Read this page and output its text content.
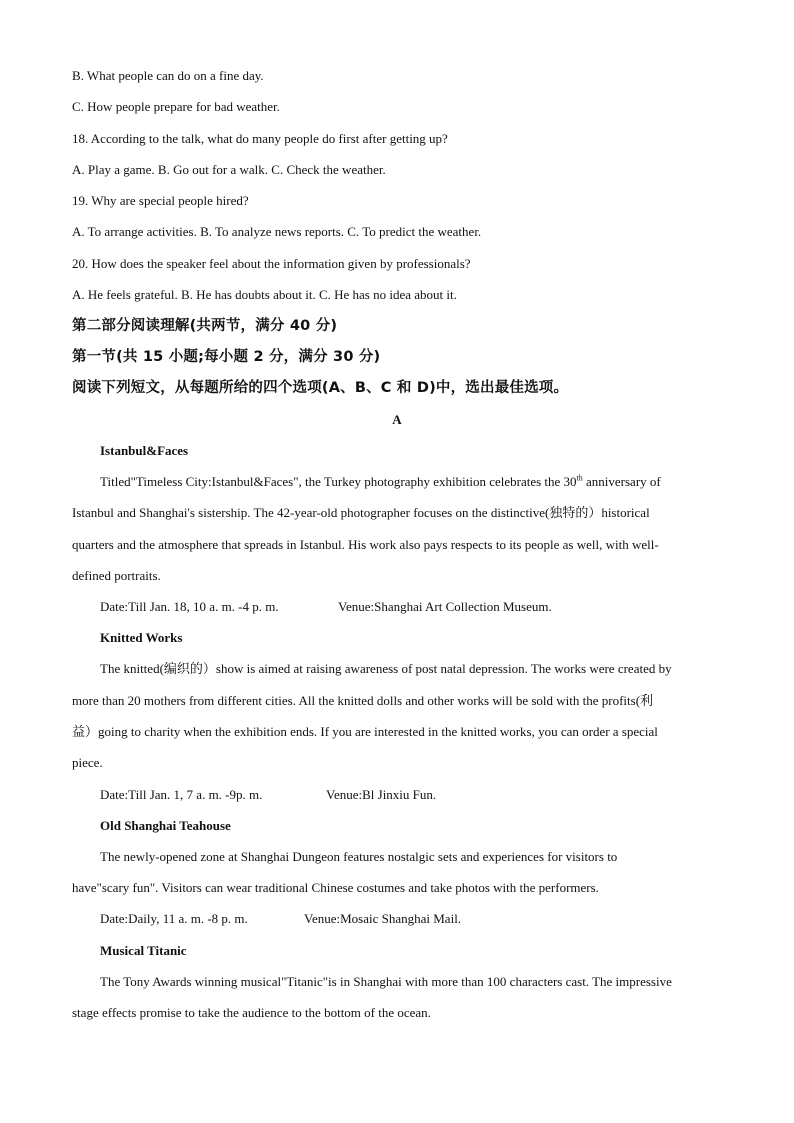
B. What people can do on a fine day.
C. How people prepare for bad weather.
18. According to the talk, what do many people do first after getting up?
A. Play a game. B. Go out for a walk. C. Check the weather.
19. Why are special people hired?
A. To arrange activities. B. To analyze news reports. C. To predict the weather.
20. How does the speaker feel about the information given by professionals?
A. He feels grateful. B. He has doubts about it. C. He has no idea about it.
第二部分阅读理解(共两节，满分 40 分)
第一节(共 15 小题;每小题 2 分，满分 30 分)
阅读下列短文，从每题所给的四个选项(A、B、C 和 D)中，选出最佳选项。
A
Istanbul&Faces
Titled"Timeless City:Istanbul&Faces", the Turkey photography exhibition celebrates the 30th anniversary of
Istanbul and Shanghai's sistership. The 42-year-old photographer focuses on the distinctive(独特的）historical
quarters and the atmosphere that spreads in Istanbul. His work also pays respects to its people as well, with well-
defined portraits.
Date:Till Jan. 18, 10 a. m. -4 p. m.	Venue:Shanghai Art Collection Museum.
Knitted Works
The knitted(编织的）show is aimed at raising awareness of post natal depression. The works were created by
more than 20 mothers from different cities. All the knitted dolls and other works will be sold with the profits(利
益）going to charity when the exhibition ends. If you are interested in the knitted works, you can order a special
piece.
Date:Till Jan. 1, 7 a. m. -9p. m.	Venue:Bl Jinxiu Fun.
Old Shanghai Teahouse
The newly-opened zone at Shanghai Dungeon features nostalgic sets and experiences for visitors to
have"scary fun". Visitors can wear traditional Chinese costumes and take photos with the performers.
Date:Daily, 11 a. m. -8 p. m.	Venue:Mosaic Shanghai Mail.
Musical Titanic
The Tony Awards winning musical"Titanic"is in Shanghai with more than 100 characters cast. The impressive
stage effects promise to take the audience to the bottom of the ocean.
